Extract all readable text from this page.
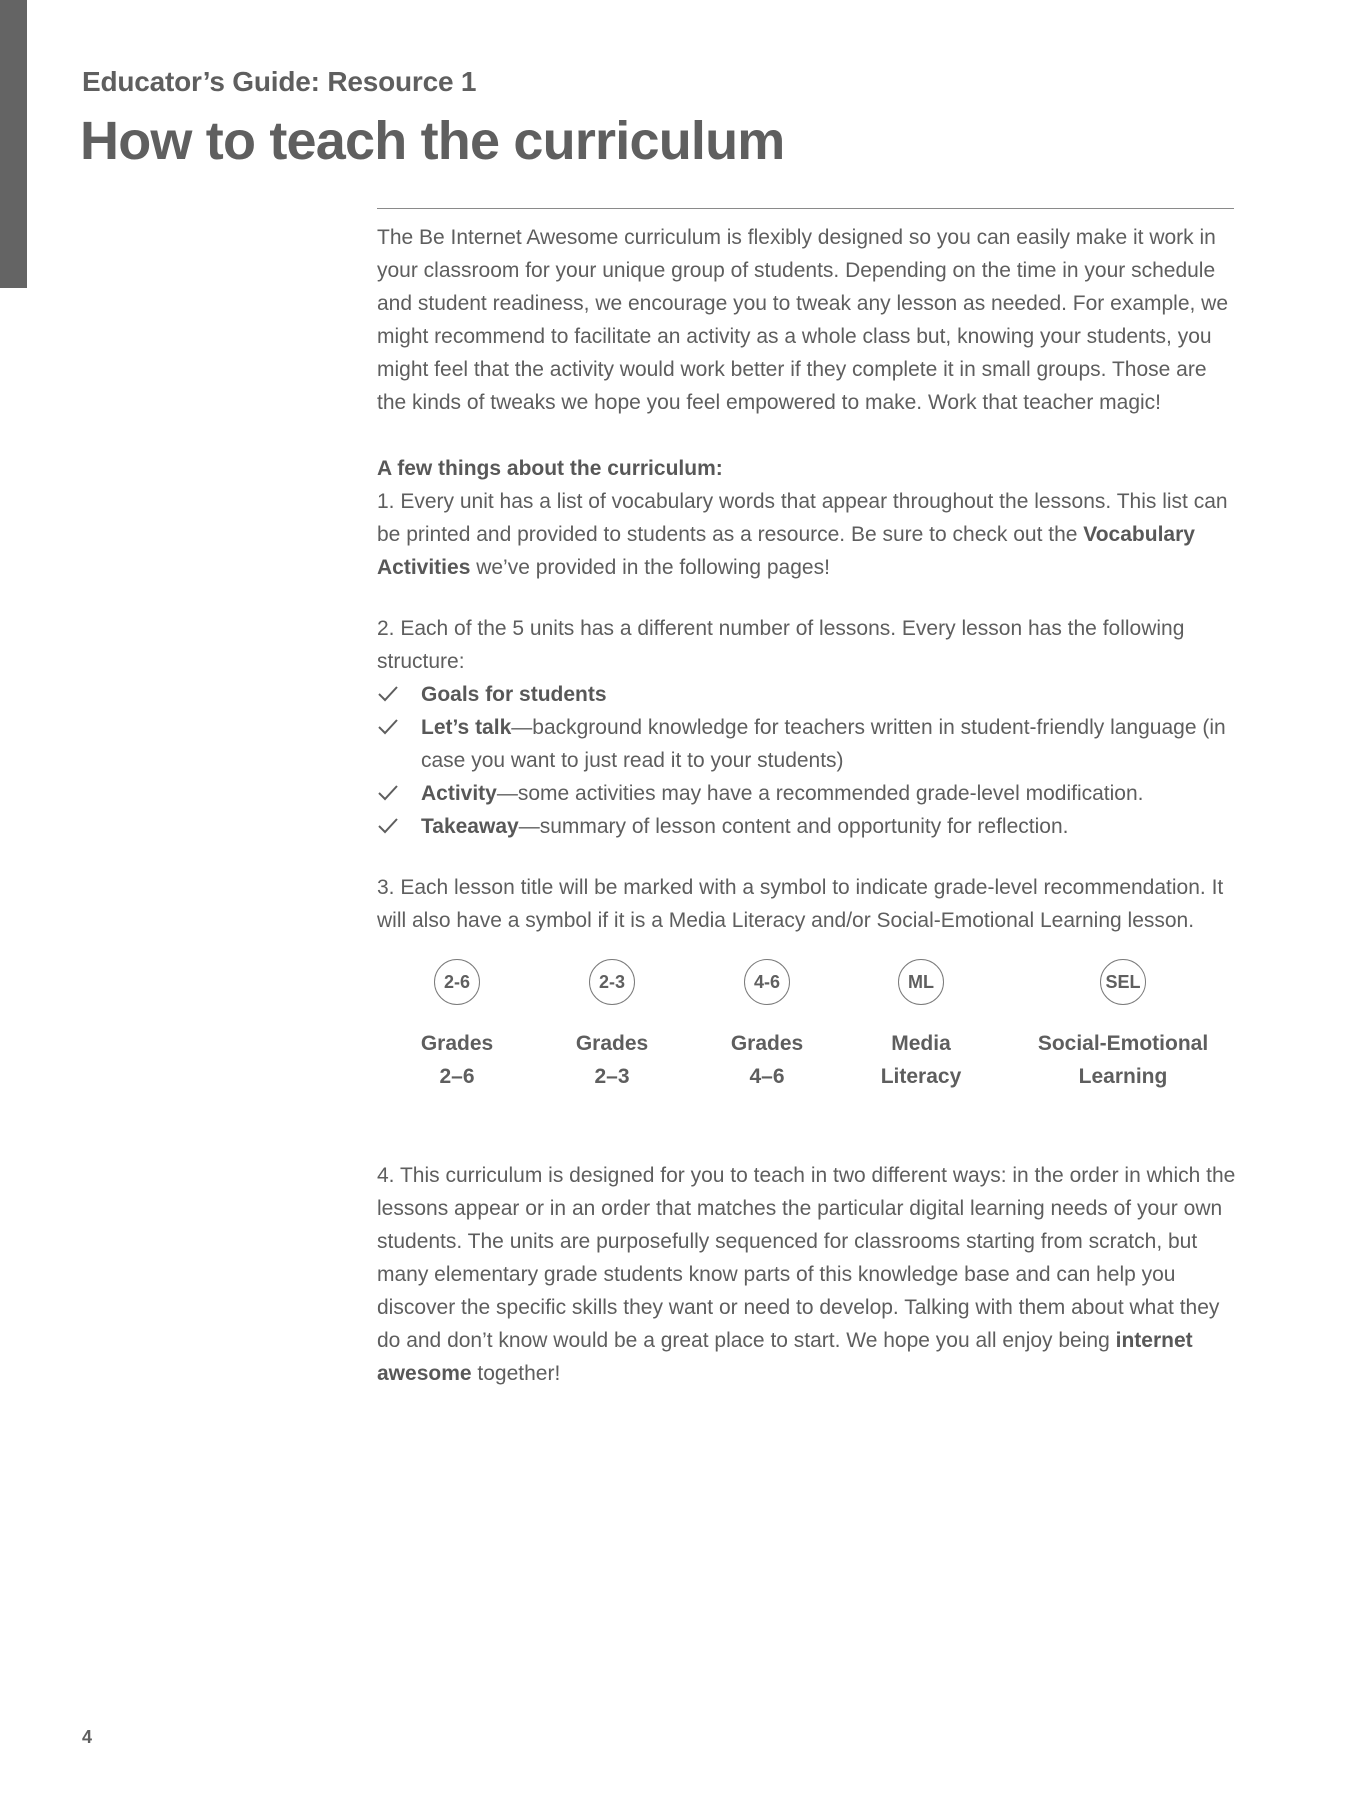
Educator’s Guide: Resource 1
How to teach the curriculum

The Be Internet Awesome curriculum is flexibly designed so you can easily make it work in your classroom for your unique group of students. Depending on the time in your schedule and student readiness, we encourage you to tweak any lesson as needed. For example, we might recommend to facilitate an activity as a whole class but, knowing your students, you might feel that the activity would work better if they complete it in small groups. Those are the kinds of tweaks we hope you feel empowered to make. Work that teacher magic!

A few things about the curriculum:

1. Every unit has a list of vocabulary words that appear throughout the lessons. This list can be printed and provided to students as a resource. Be sure to check out the Vocabulary Activities we’ve provided in the following pages!

2. Each of the 5 units has a different number of lessons. Every lesson has the following structure:

Goals for students
Let’s talk—background knowledge for teachers written in student-friendly language (in case you want to just read it to your students)
Activity—some activities may have a recommended grade-level modification.
Takeaway—summary of lesson content and opportunity for reflection.

3. Each lesson title will be marked with a symbol to indicate grade-level recommendation. It will also have a symbol if it is a Media Literacy and/or Social-Emotional Learning lesson.

2-6
Grades
2–6
2-3
Grades
2–3
4-6
Grades
4–6
ML
Media
Literacy
SEL
Social-Emotional
Learning

4. This curriculum is designed for you to teach in two different ways: in the order in which the lessons appear or in an order that matches the particular digital learning needs of your own students. The units are purposefully sequenced for classrooms starting from scratch, but many elementary grade students know parts of this knowledge base and can help you discover the specific skills they want or need to develop. Talking with them about what they do and don’t know would be a great place to start. We hope you all enjoy being internet awesome together!

4
